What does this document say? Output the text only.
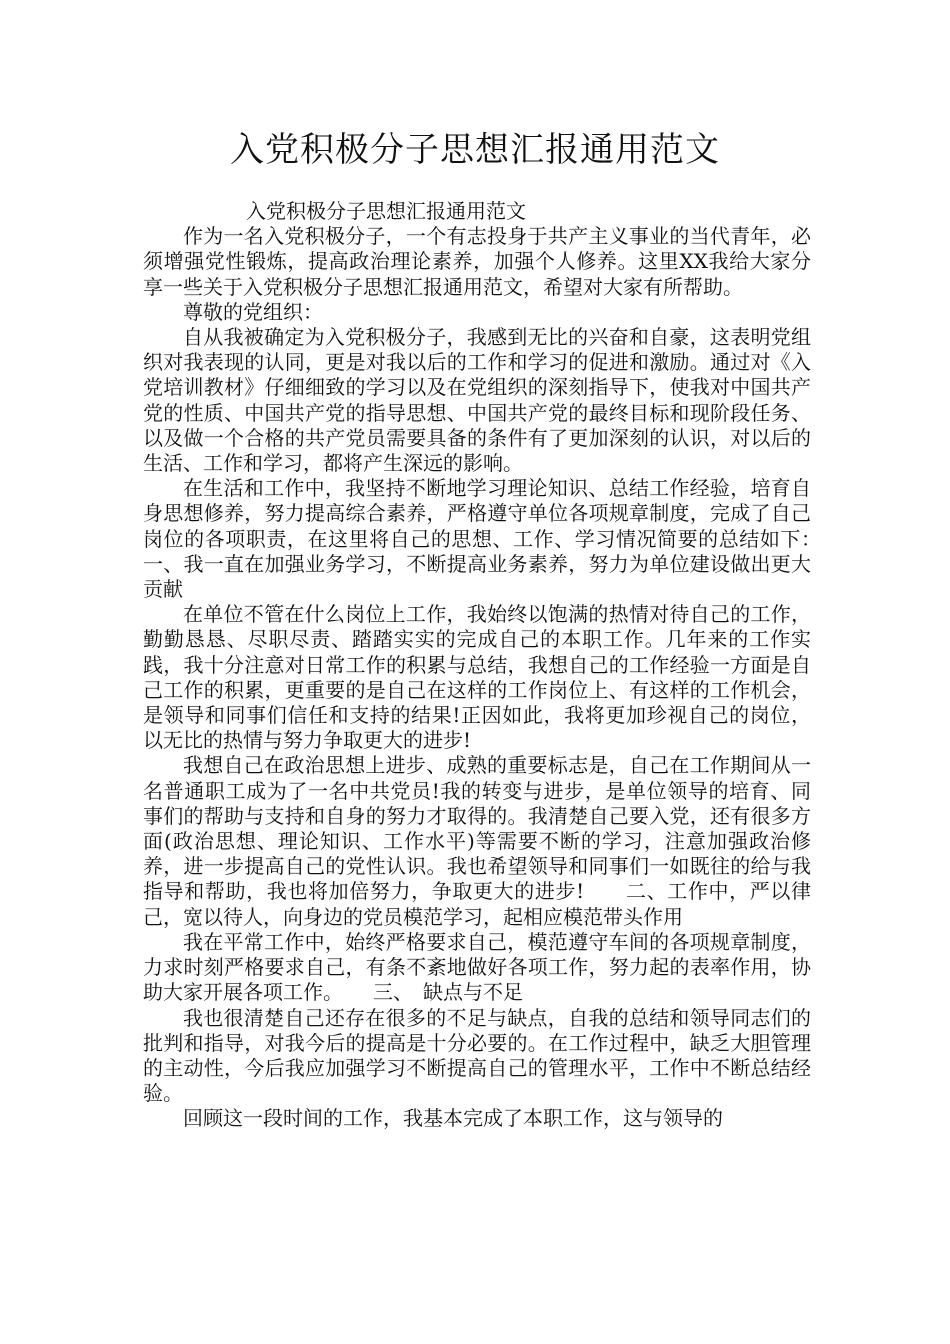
入党积极分子思想汇报通用范文

入党积极分子思想汇报通用范文

作为一名入党积极分子，一个有志投身于共产主义事业的当代青年，必须增强党性锻炼，提高政治理论素养，加强个人修养。这里XX我给大家分享一些关于入党积极分子思想汇报通用范文，希望对大家有所帮助。

尊敬的党组织：

自从我被确定为入党积极分子，我感到无比的兴奋和自豪，这表明党组织对我表现的认同，更是对我以后的工作和学习的促进和激励。通过对《入党培训教材》仔细细致的学习以及在党组织的深刻指导下，使我对中国共产党的性质、中国共产党的指导思想、中国共产党的最终目标和现阶段任务、以及做一个合格的共产党员需要具备的条件有了更加深刻的认识，对以后的生活、工作和学习，都将产生深远的影响。

在生活和工作中，我坚持不断地学习理论知识、总结工作经验，培育自身思想修养，努力提高综合素养，严格遵守单位各项规章制度，完成了自己岗位的各项职责，在这里将自己的思想、工作、学习情况简要的总结如下：　　　一、我一直在加强业务学习，不断提高业务素养，努力为单位建设做出更大贡献

在单位不管在什么岗位上工作，我始终以饱满的热情对待自己的工作，勤勤恳恳、尽职尽责、踏踏实实的完成自己的本职工作。几年来的工作实践，我十分注意对日常工作的积累与总结，我想自己的工作经验一方面是自己工作的积累，更重要的是自己在这样的工作岗位上、有这样的工作机会，是领导和同事们信任和支持的结果!正因如此，我将更加珍视自己的岗位，以无比的热情与努力争取更大的进步!

我想自己在政治思想上进步、成熟的重要标志是，自己在工作期间从一名普通职工成为了一名中共党员!我的转变与进步，是单位领导的培育、同事们的帮助与支持和自身的努力才取得的。我清楚自己要入党，还有很多方面(政治思想、理论知识、工作水平)等需要不断的学习，注意加强政治修养，进一步提高自己的党性认识。我也希望领导和同事们一如既往的给与我指导和帮助，我也将加倍努力，争取更大的进步!　　二、工作中，严以律己，宽以待人，向身边的党员模范学习，起相应模范带头作用

我在平常工作中，始终严格要求自己，模范遵守车间的各项规章制度，力求时刻严格要求自己，有条不紊地做好各项工作，努力起的表率作用，协助大家开展各项工作。　　三、　缺点与不足

我也很清楚自己还存在很多的不足与缺点，自我的总结和领导同志们的批判和指导，对我今后的提高是十分必要的。在工作过程中，缺乏大胆管理的主动性，今后我应加强学习不断提高自己的管理水平，工作中不断总结经验。

回顾这一段时间的工作，我基本完成了本职工作，这与领导的
